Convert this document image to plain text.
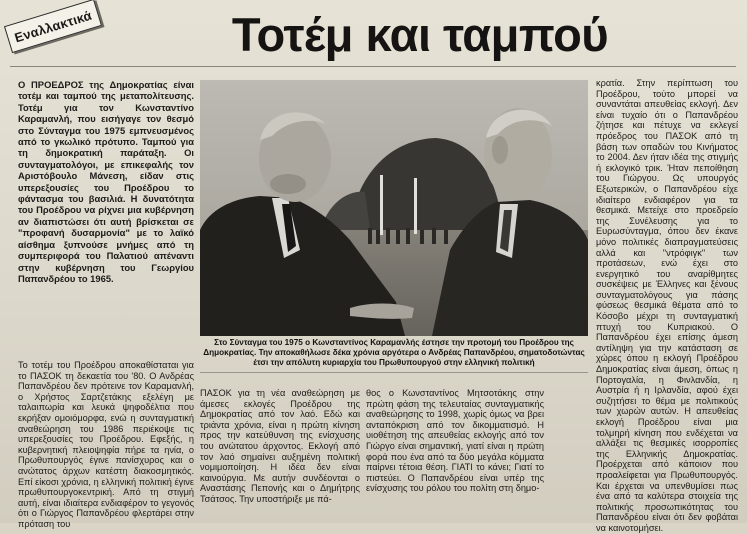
Εναλλακτικά	Τοτέμ και ταμπού

Ο ΠΡΟΕΔΡΟΣ της Δημοκρατίας είναι τοτέμ και ταμπού της μεταπολίτευσης. Τοτέμ για τον Κωνσταντίνο Καραμανλή, που εισήγαγε τον θεσμό στο Σύνταγμα του 1975 εμπνευσμένος από το γκωλικό πρότυπο. Ταμπού για τη δημοκρατική παράταξη. Οι συνταγματολόγοι, με επικεφαλής τον Αριστόβουλο Μάνεση, είδαν στις υπερεξουσίες του Προέδρου το φάντασμα του βασιλιά. Η δυνατότητα του Προέδρου να ρίχνει μια κυβέρνηση αν διαπιστώσει ότι αυτή βρίσκεται σε "προφανή δυσαρμονία" με το λαϊκό αίσθημα ξυπνούσε μνήμες από τη συμπεριφορά του Παλατιού απέναντι στην κυβέρνηση του Γεωργίου Παπανδρέου το 1965.

Το τοτέμ του Προέδρου αποκαθίσταται για το ΠΑΣΟΚ τη δεκαετία του '80. Ο Ανδρέας Παπανδρέου δεν πρότεινε τον Καραμανλή, ο Χρήστος Σαρτζετάκης εξελέγη με ταλαιπωρία και λευκά ψηφοδέλτια που εκρήξαν ομοιόμορφα, ενώ η συνταγματική αναθεώρηση του 1986 περιέκοψε τις υπερεξουσίες του Προέδρου. Εφεξής, η κυβερνητική πλειοψηφία πήρε τα ηνία, ο Πρωθυπουργός έγινε πανίσχυρος και ο ανώτατος άρχων κατέστη διακοσμητικός. Επί είκοσι χρόνια, η ελληνική πολιτική έγινε πρωθυπουργοκεντρική. Από τη στιγμή αυτή, είναι ιδιαίτερα ενδιαφέρον το γεγονός ότι ο Γιώργος Παπανδρέου φλερτάρει στην πρόταση του

Στο Σύνταγμα του 1975 ο Κωνσταντίνος Καραμανλής έστησε την προτομή του Προέδρου της Δημοκρατίας. Την αποκαθήλωσε δέκα χρόνια αργότερα ο Ανδρέας Παπανδρέου, σηματοδοτώντας έτσι την απόλυτη κυριαρχία του Πρωθυπουργού στην ελληνική πολιτική

ΠΑΣΟΚ για τη νέα αναθεώρηση με άμεσες εκλογές Προέδρου της Δημοκρατίας από τον λαό. Εδώ και τριάντα χρόνια, είναι η πρώτη κίνηση προς την κατεύθυνση της ενίσχυσης του ανώτατου άρχοντος. Εκλογή από τον λαό σημαίνει αυξημένη πολιτική νομιμοποίηση. Η ιδέα δεν είναι καινούργια. Με αυτήν συνδέονται ο Αναστάσης Πεπονής και ο Δημήτρης Τσάτσος. Την υποστήριξε με πά-

θος ο Κωνσταντίνος Μητσοτάκης στην πρώτη φάση της τελευταίας συνταγματικής αναθεώρησης το 1998, χωρίς όμως να βρει ανταπόκριση από τον δικομματισμό. Η υιοθέτηση της απευθείας εκλογής από τον Γιώργο είναι σημαντική, γιατί είναι η πρώτη φορά που ένα από τα δύο μεγάλα κόμματα παίρνει τέτοια θέση. ΓΙΑΤΙ το κάνει; Γιατί το πιστεύει. Ο Παπανδρέου είναι υπέρ της ενίσχυσης του ρόλου του πολίτη στη δημο-

κρατία. Στην περίπτωση του Προέδρου, τούτο μπορεί να συναντάται απευθείας εκλογή. Δεν είναι τυχαίο ότι ο Παπανδρέου ζήτησε και πέτυχε να εκλεγεί πρόεδρος του ΠΑΣΟΚ από τη βάση των οπαδών του Κινήματος το 2004. Δεν ήταν ιδέα της στιγμής ή εκλογικό τρικ. Ήταν πεποίθηση του Γιώργου. Ως υπουργός Εξωτερικών, ο Παπανδρέου είχε ιδιαίτερο ενδιαφέρον για τα θεσμικά. Μετείχε στο προεδρείο της Συνέλευσης για το Ευρωσύνταγμα, όπου δεν έκανε μόνο πολιτικές διαπραγματεύσεις αλλά και "ντρόφιγκ" των προτάσεων, ενώ έχει στο ενεργητικό του αναρίθμητες συσκέψεις με Έλληνες και ξένους συνταγματολόγους για πάσης φύσεως θεσμικά θέματα από το Κόσοβο μέχρι τη συνταγματική πτυχή του Κυπριακού. Ο Παπανδρέου έχει επίσης άμεση αντίληψη για την κατάσταση σε χώρες όπου η εκλογή Προέδρου Δημοκρατίας είναι άμεση, όπως η Πορτογαλία, η Φινλανδία, η Αυστρία ή η Ιρλανδία, αφού έχει συζητήσει το θέμα με πολιτικούς των χωρών αυτών. Η απευθείας εκλογή Προέδρου είναι μια τολμηρή κίνηση που ενδέχεται να αλλάξει τις θεσμικές ισορροπίες της Ελληνικής Δημοκρατίας. Προέρχεται από κάποιον που προαλείφεται για Πρωθυπουργός. Και έρχεται να υπενθυμίσει πως ένα από τα καλύτερα στοιχεία της πολιτικής προσωπικότητας του Παπανδρέου είναι ότι δεν φοβάται να καινοτομήσει.
